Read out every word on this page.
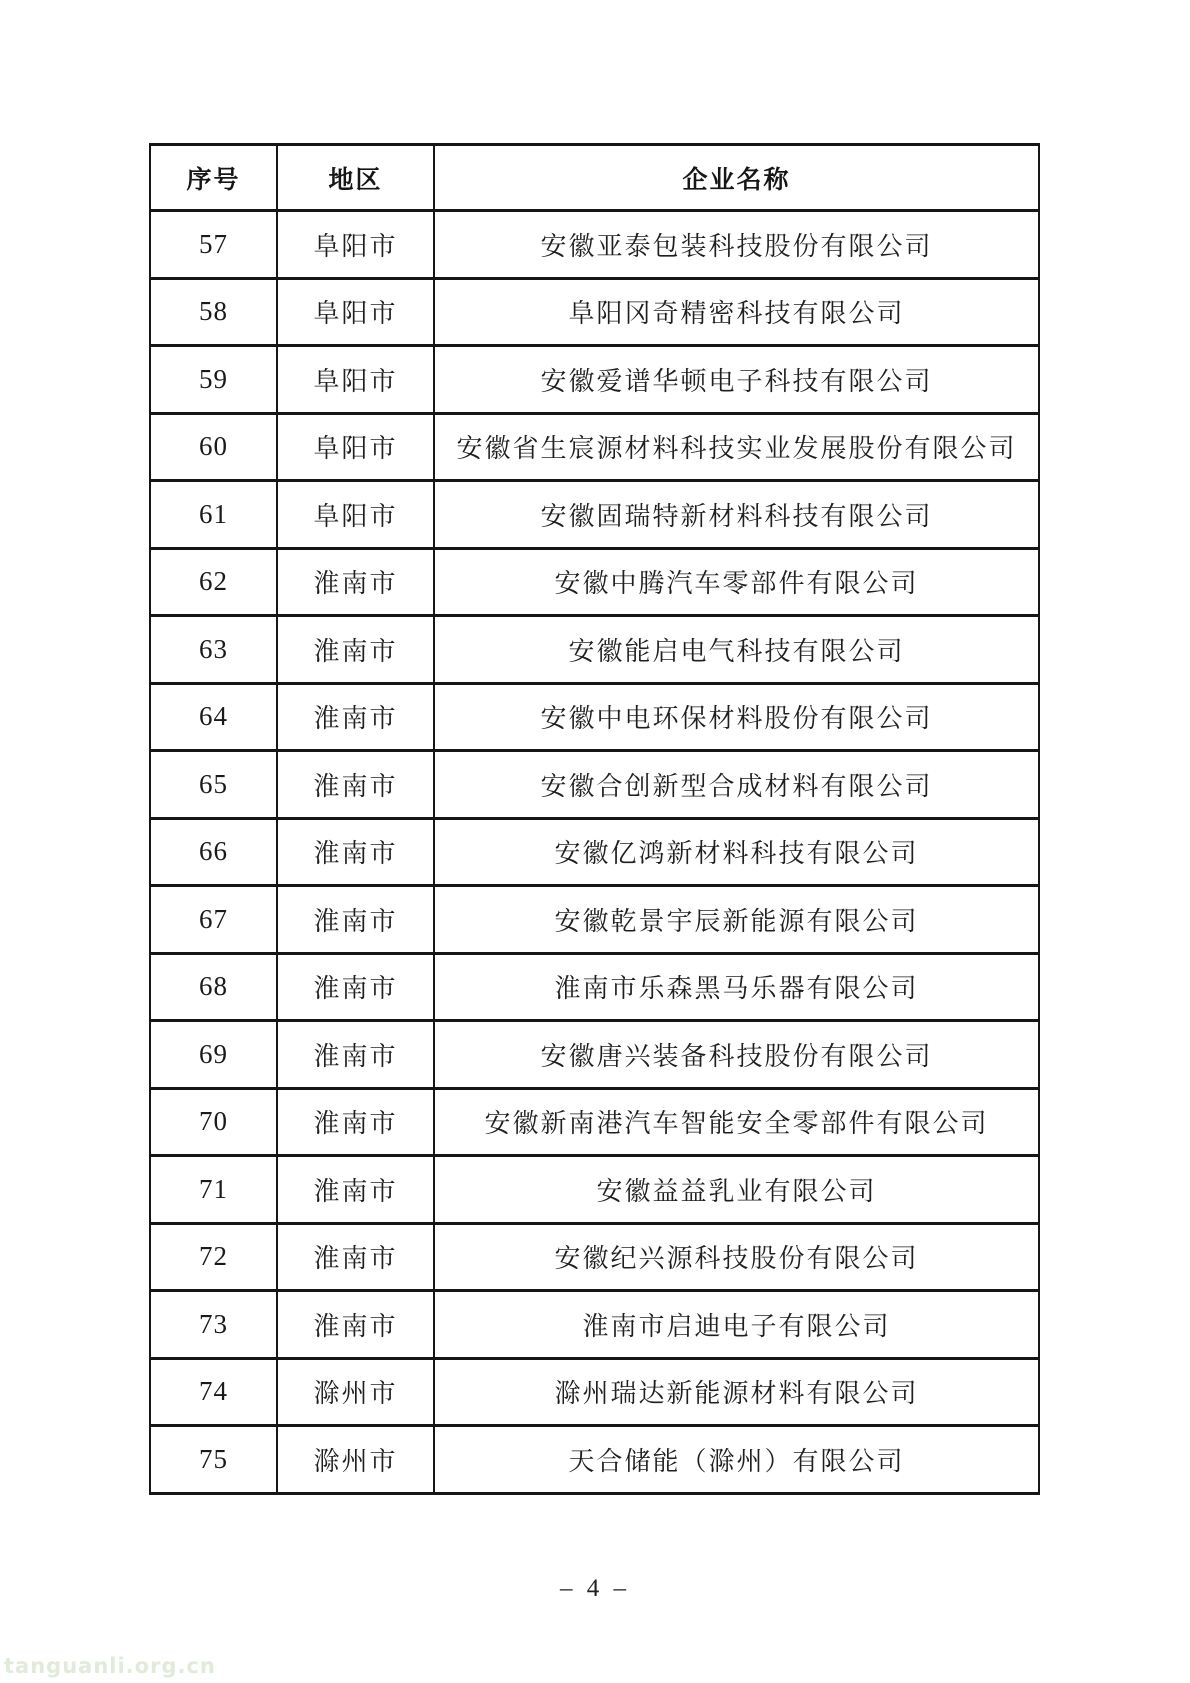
序号	地区	企业名称
57	阜阳市	安徽亚泰包装科技股份有限公司
58	阜阳市	阜阳冈奇精密科技有限公司
59	阜阳市	安徽爱谱华顿电子科技有限公司
60	阜阳市	安徽省生宸源材料科技实业发展股份有限公司
61	阜阳市	安徽固瑞特新材料科技有限公司
62	淮南市	安徽中腾汽车零部件有限公司
63	淮南市	安徽能启电气科技有限公司
64	淮南市	安徽中电环保材料股份有限公司
65	淮南市	安徽合创新型合成材料有限公司
66	淮南市	安徽亿鸿新材料科技有限公司
67	淮南市	安徽乾景宇辰新能源有限公司
68	淮南市	淮南市乐森黑马乐器有限公司
69	淮南市	安徽唐兴装备科技股份有限公司
70	淮南市	安徽新南港汽车智能安全零部件有限公司
71	淮南市	安徽益益乳业有限公司
72	淮南市	安徽纪兴源科技股份有限公司
73	淮南市	淮南市启迪电子有限公司
74	滁州市	滁州瑞达新能源材料有限公司
75	滁州市	天合储能（滁州）有限公司
– 4 –
tanguanli.org.cn
